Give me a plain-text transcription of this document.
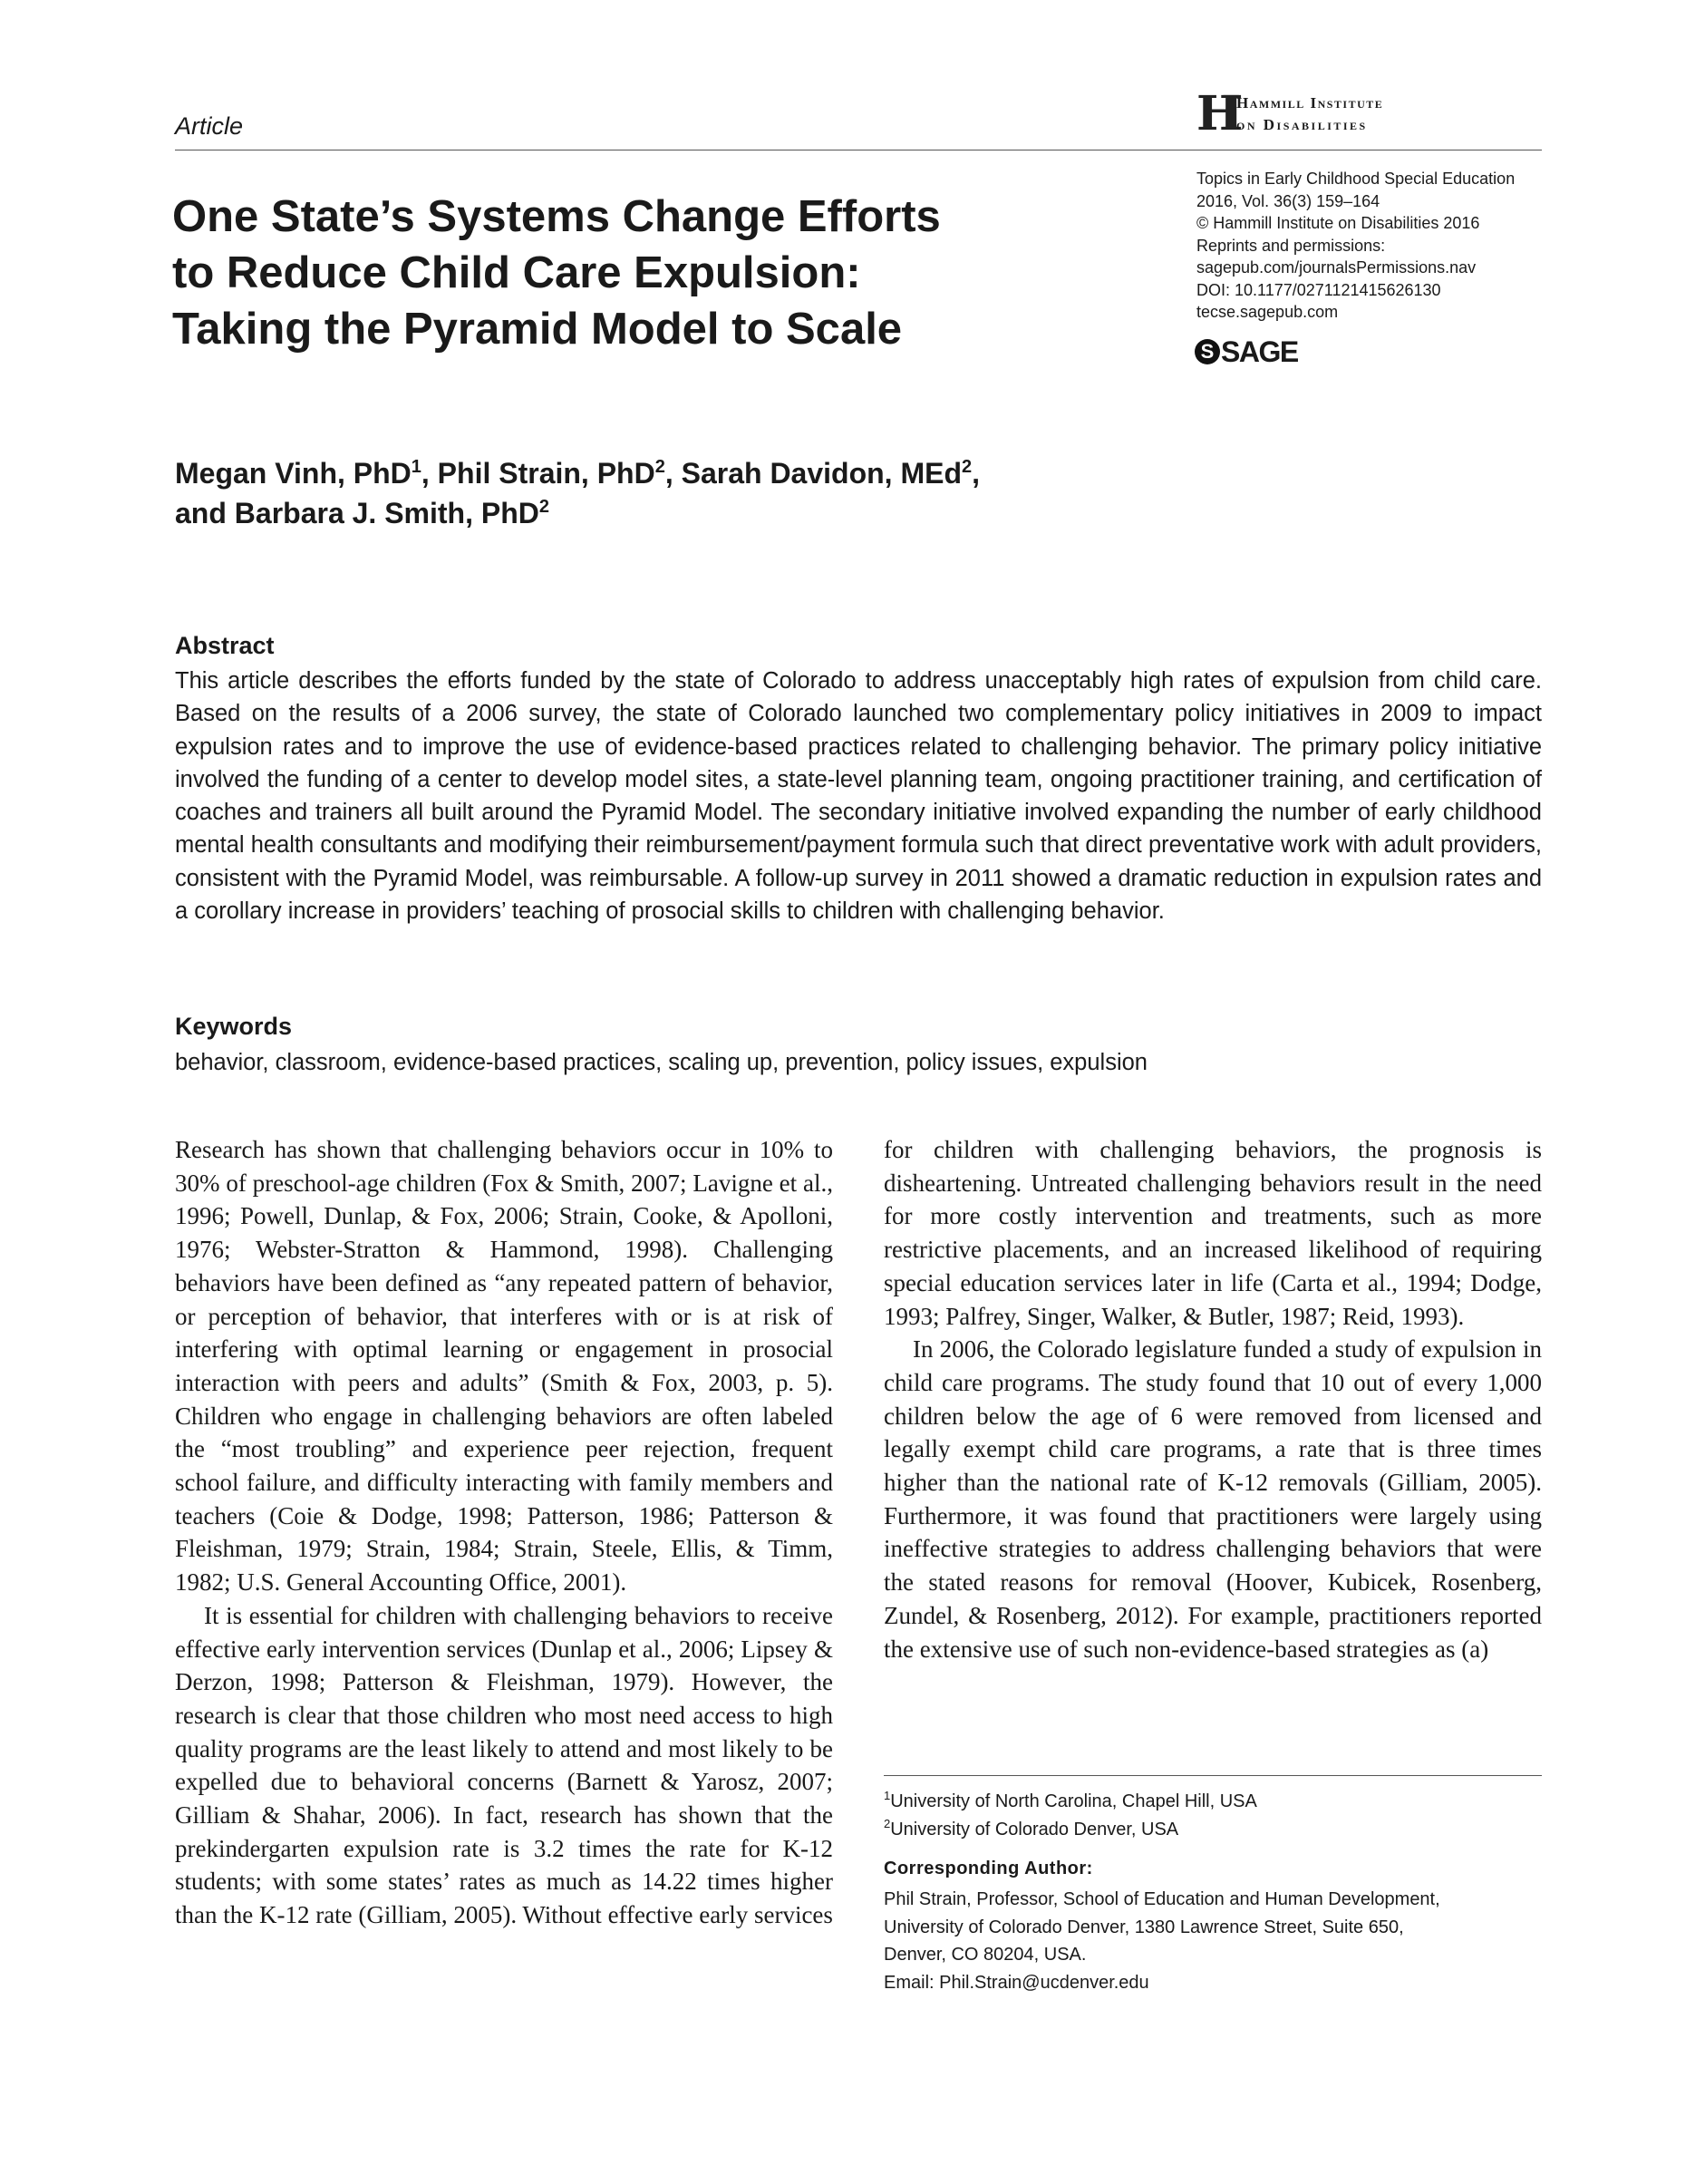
Article	HI Hammill Institute
on Disabilities
Topics in Early Childhood Special Education
2016, Vol. 36(3) 159–164
© Hammill Institute on Disabilities 2016
Reprints and permissions:
sagepub.com/journalsPermissions.nav
DOI: 10.1177/0271121415626130
tecse.sagepub.com
S SAGE
One State’s Systems Change Efforts
to Reduce Child Care Expulsion:
Taking the Pyramid Model to Scale
Megan Vinh, PhD$^1$, Phil Strain, PhD$^2$, Sarah Davidon, MEd$^2$,
and Barbara J. Smith, PhD$^2$
Abstract
This article describes the efforts funded by the state of Colorado to address unacceptably high rates of expulsion from child care. Based on the results of a 2006 survey, the state of Colorado launched two complementary policy initiatives in 2009 to impact expulsion rates and to improve the use of evidence-based practices related to challenging behavior. The primary policy initiative involved the funding of a center to develop model sites, a state-level planning team, ongoing practitioner training, and certification of coaches and trainers all built around the Pyramid Model. The secondary initiative involved expanding the number of early childhood mental health consultants and modifying their reimbursement/payment formula such that direct preventative work with adult providers, consistent with the Pyramid Model, was reimbursable. A follow-up survey in 2011 showed a dramatic reduction in expulsion rates and a corollary increase in providers’ teaching of prosocial skills to children with challenging behavior.
Keywords
behavior, classroom, evidence-based practices, scaling up, prevention, policy issues, expulsion

Research has shown that challenging behaviors occur in 10% to 30% of preschool-age children (Fox & Smith, 2007; Lavigne et al., 1996; Powell, Dunlap, & Fox, 2006; Strain, Cooke, & Apolloni, 1976; Webster-Stratton & Hammond, 1998). Challenging behaviors have been defined as “any repeated pattern of behavior, or perception of behavior, that interferes with or is at risk of interfering with optimal learning or engagement in prosocial interaction with peers and adults” (Smith & Fox, 2003, p. 5). Children who engage in challenging behaviors are often labeled the “most troubling” and experience peer rejection, frequent school failure, and difficulty interacting with family members and teachers (Coie & Dodge, 1998; Patterson, 1986; Patterson & Fleishman, 1979; Strain, 1984; Strain, Steele, Ellis, & Timm, 1982; U.S. General Accounting Office, 2001).

It is essential for children with challenging behaviors to receive effective early intervention services (Dunlap et al., 2006; Lipsey & Derzon, 1998; Patterson & Fleishman, 1979). However, the research is clear that those children who most need access to high quality programs are the least likely to attend and most likely to be expelled due to behavioral concerns (Barnett & Yarosz, 2007; Gilliam & Shahar, 2006). In fact, research has shown that the prekindergarten expulsion rate is 3.2 times the rate for K-12 students; with some states’ rates as much as 14.22 times higher than the K-12 rate (Gilliam, 2005). Without effective early services

for children with challenging behaviors, the prognosis is disheartening. Untreated challenging behaviors result in the need for more costly intervention and treatments, such as more restrictive placements, and an increased likelihood of requiring special education services later in life (Carta et al., 1994; Dodge, 1993; Palfrey, Singer, Walker, & Butler, 1987; Reid, 1993).

In 2006, the Colorado legislature funded a study of expulsion in child care programs. The study found that 10 out of every 1,000 children below the age of 6 were removed from licensed and legally exempt child care programs, a rate that is three times higher than the national rate of K-12 removals (Gilliam, 2005). Furthermore, it was found that practitioners were largely using ineffective strategies to address challenging behaviors that were the stated reasons for removal (Hoover, Kubicek, Rosenberg, Zundel, & Rosenberg, 2012). For example, practitioners reported the extensive use of such non-evidence-based strategies as (a)

$^1$University of North Carolina, Chapel Hill, USA
$^2$University of Colorado Denver, USA
Corresponding Author:
Phil Strain, Professor, School of Education and Human Development,
University of Colorado Denver, 1380 Lawrence Street, Suite 650,
Denver, CO 80204, USA.
Email: Phil.Strain@ucdenver.edu
